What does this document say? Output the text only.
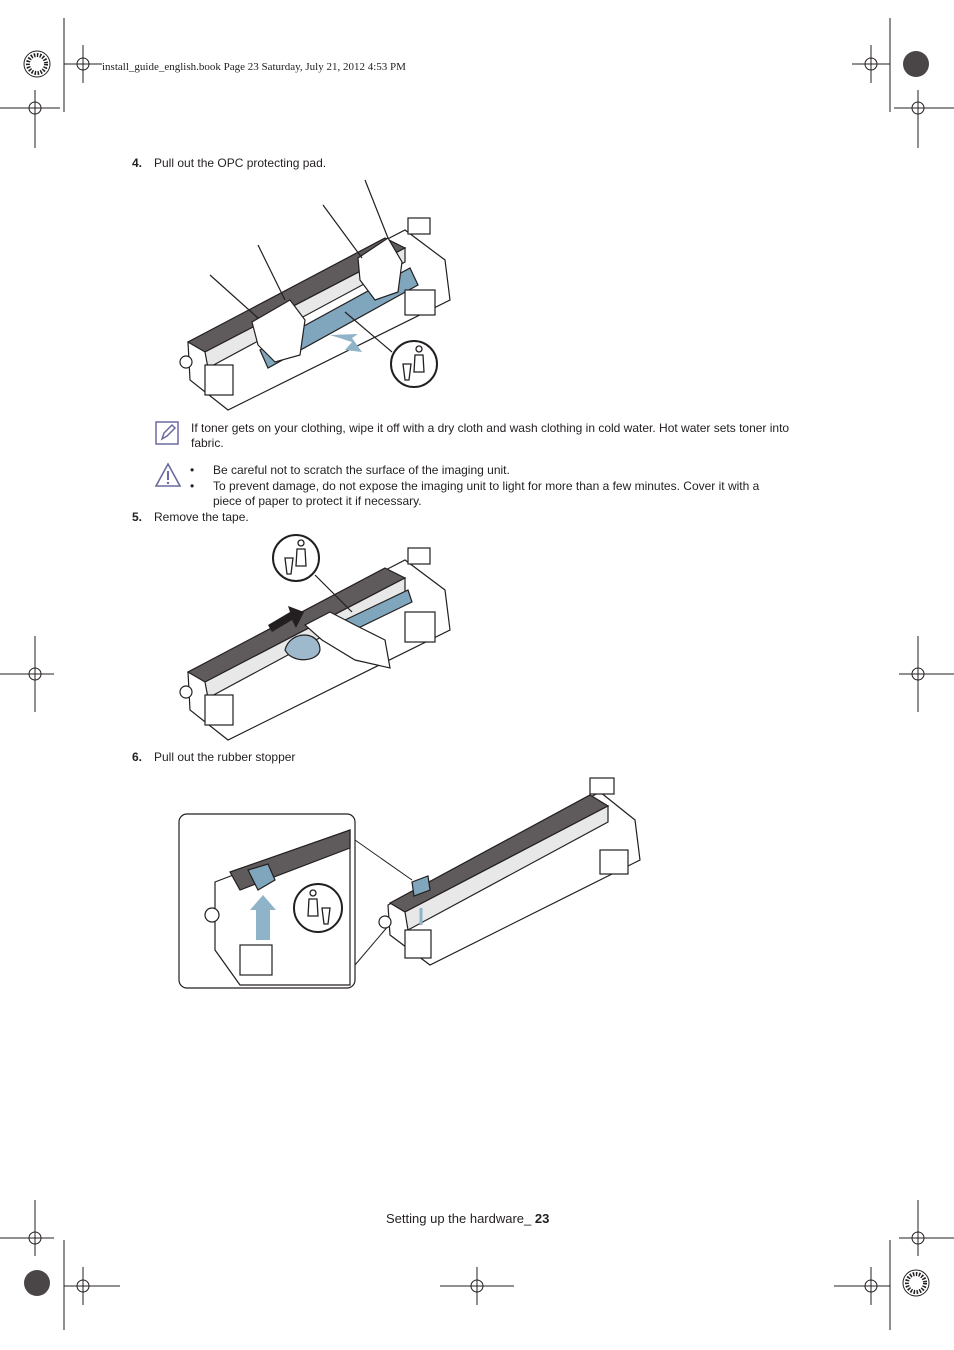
install_guide_english.book Page 23 Saturday, July 21, 2012 4:53 PM
4. Pull out the OPC protecting pad.
If toner gets on your clothing, wipe it off with a dry cloth and wash clothing in cold water. Hot water sets toner into
fabric.
• Be careful not to scratch the surface of the imaging unit.
• To prevent damage, do not expose the imaging unit to light for more than a few minutes. Cover it with a
piece of paper to protect it if necessary.
5. Remove the tape.
6. Pull out the rubber stopper
Setting up the hardware_ 23
